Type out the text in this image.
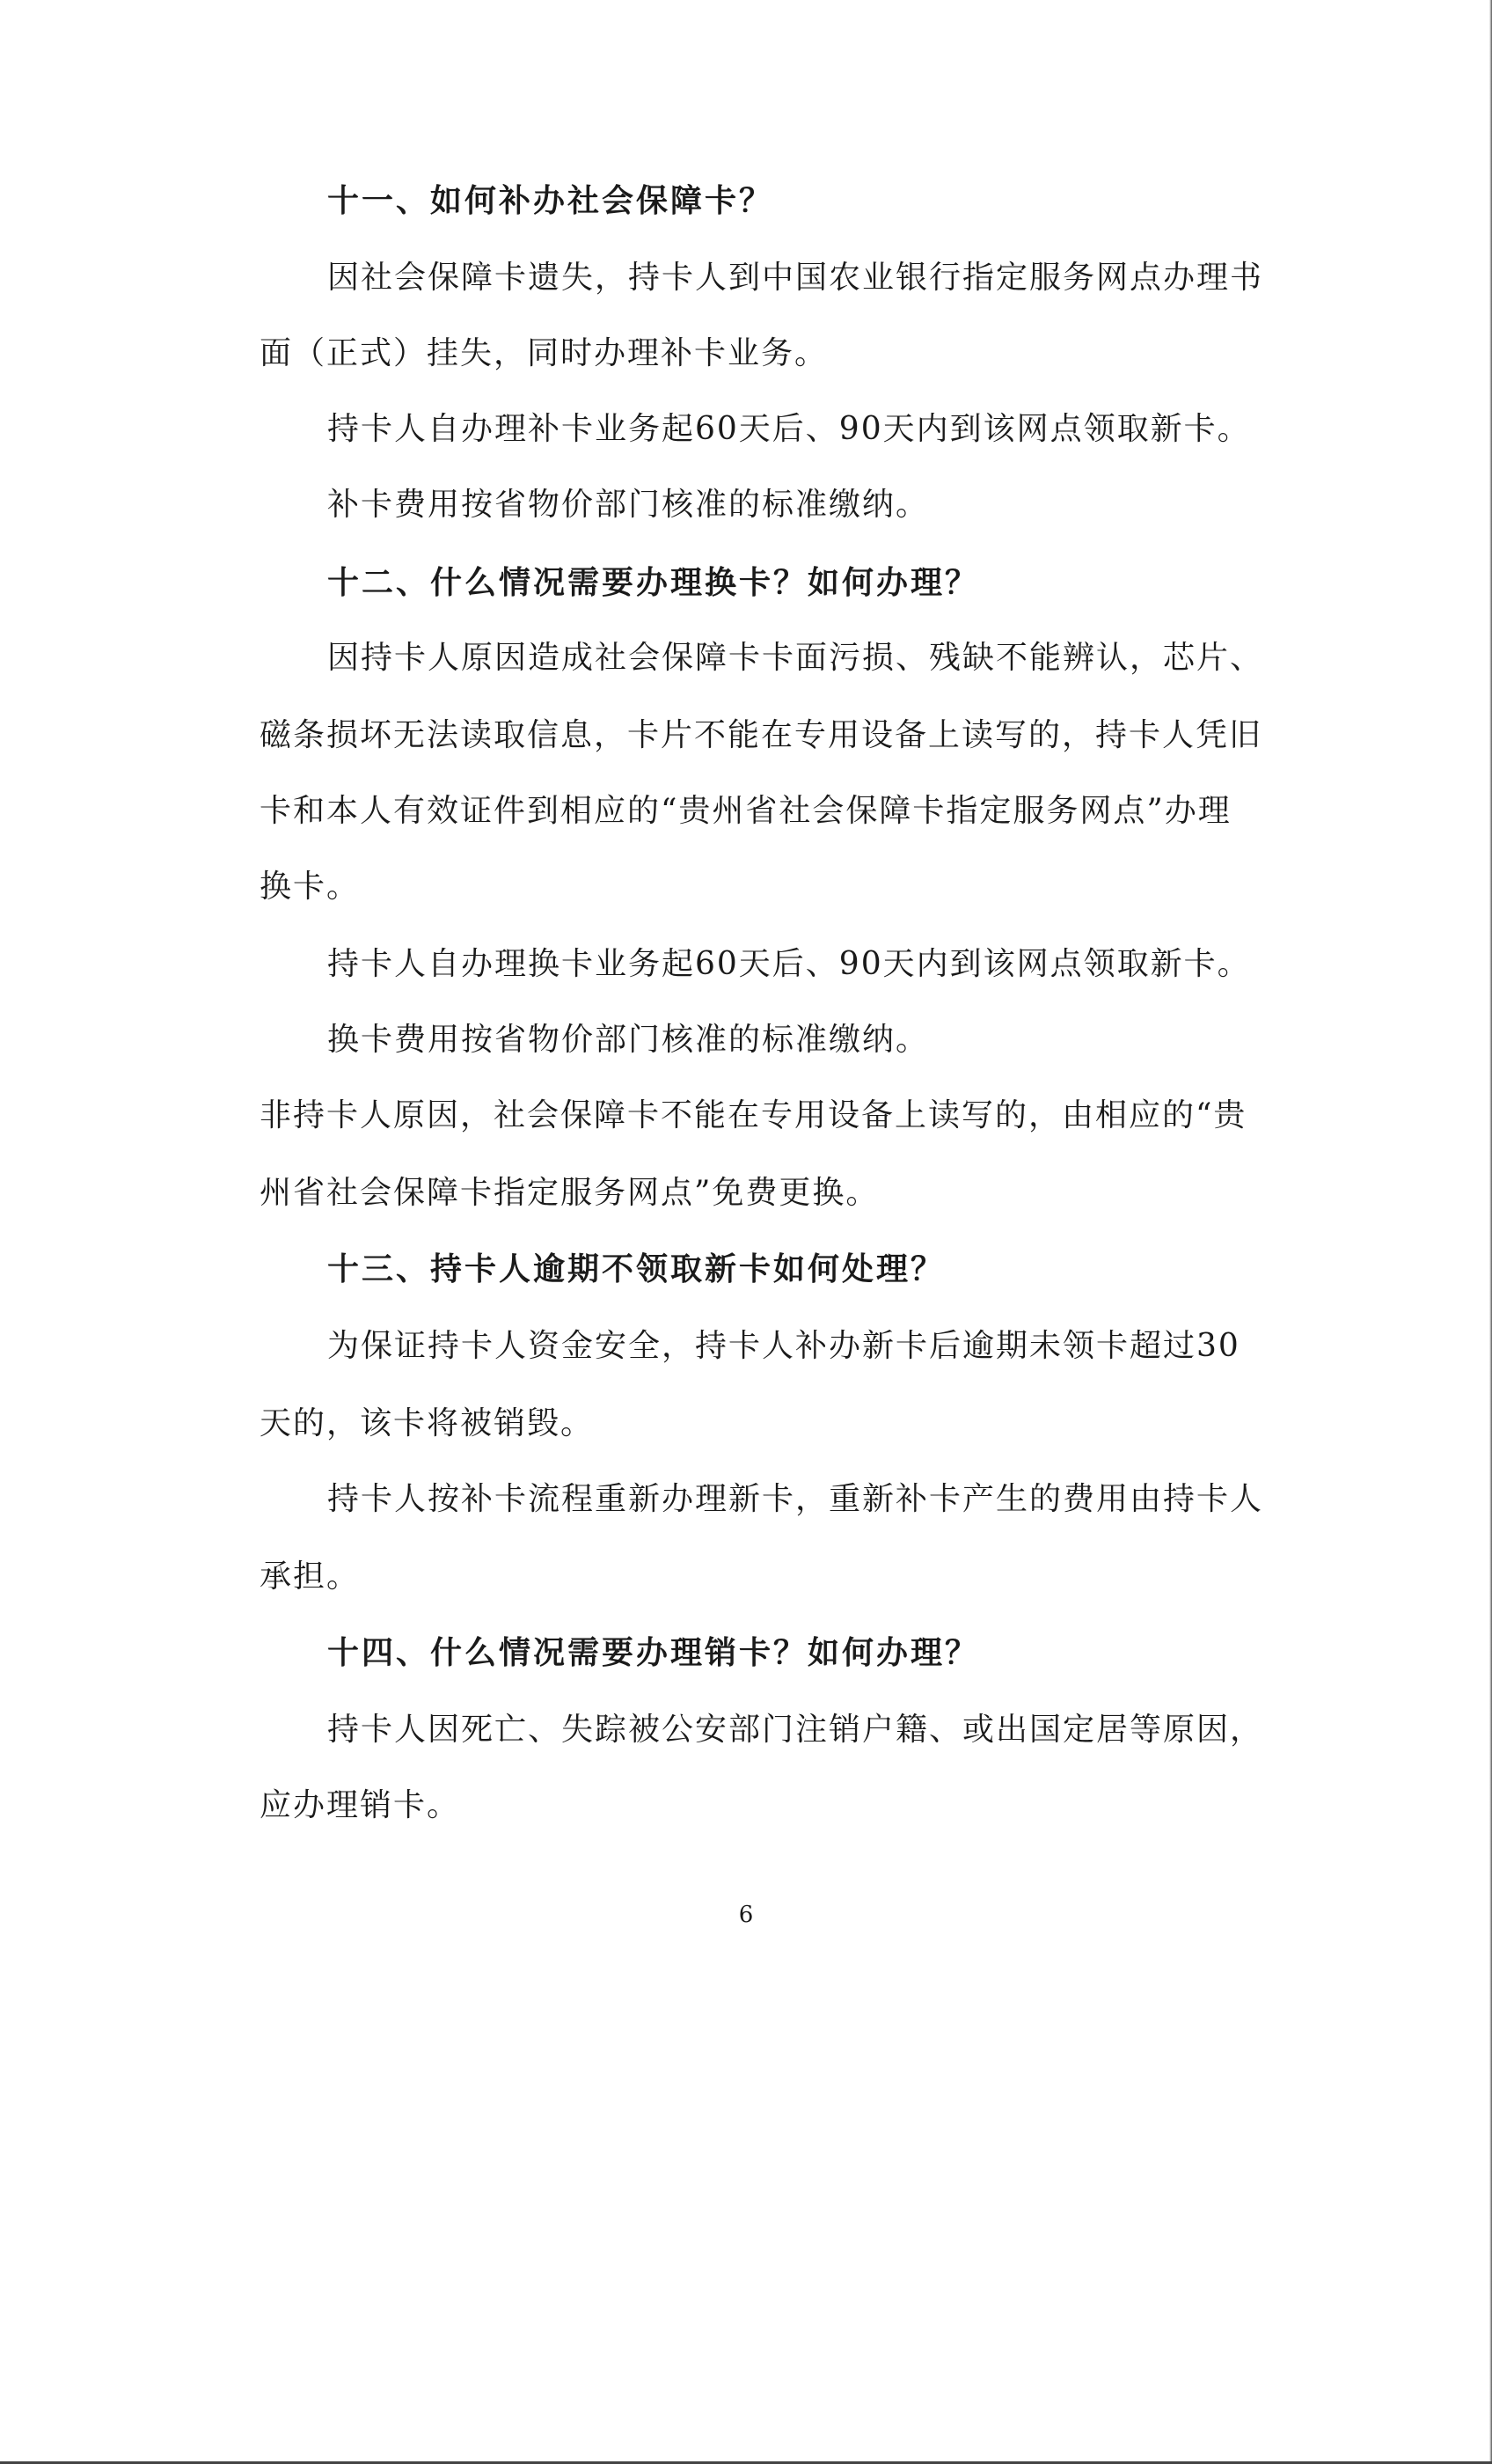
十一、如何补办社会保障卡？
因社会保障卡遗失，持卡人到中国农业银行指定服务网点办理书
面（正式）挂失，同时办理补卡业务。
持卡人自办理补卡业务起60天后、90天内到该网点领取新卡。
补卡费用按省物价部门核准的标准缴纳。
十二、什么情况需要办理换卡？如何办理？
因持卡人原因造成社会保障卡卡面污损、残缺不能辨认，芯片、
磁条损坏无法读取信息，卡片不能在专用设备上读写的，持卡人凭旧
卡和本人有效证件到相应的“贵州省社会保障卡指定服务网点”办理
换卡。
持卡人自办理换卡业务起60天后、90天内到该网点领取新卡。
换卡费用按省物价部门核准的标准缴纳。
非持卡人原因，社会保障卡不能在专用设备上读写的，由相应的“贵
州省社会保障卡指定服务网点”免费更换。
十三、持卡人逾期不领取新卡如何处理？
为保证持卡人资金安全，持卡人补办新卡后逾期未领卡超过30
天的，该卡将被销毁。
持卡人按补卡流程重新办理新卡，重新补卡产生的费用由持卡人
承担。
十四、什么情况需要办理销卡？如何办理？
持卡人因死亡、失踪被公安部门注销户籍、或出国定居等原因，
应办理销卡。
6
